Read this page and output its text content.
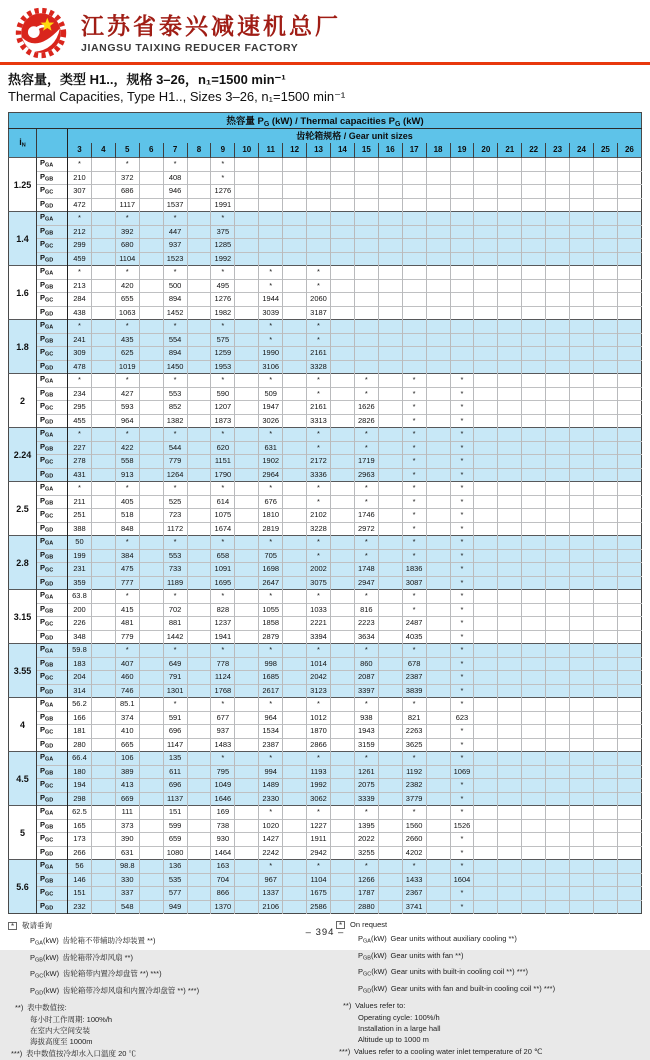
江苏省泰兴减速机总厂
JIANGSU TAIXING REDUCER FACTORY
热容量，类型 H1..，规格 3–26，n₁=1500 min⁻¹
Thermal Capacities, Type H1.., Sizes 3–26, n₁=1500 min⁻¹
热容量 $P_G$ (kW) / Thermal capacities $P_G$ (kW)																									
iN		齿轮箱规格 / Gear unit sizes																							
		3	4	5	6	7	8	9	10	11	12	13	14	15	16	17	18	19	20	21	22	23	24	25	26
1.25	$P_{GA}$	*		*		*		*																	
	$P_{GB}$	210		372		408		*																	
	$P_{GC}$	307		686		946		1276																	
	$P_{GD}$	472		1117		1537		1991																	
1.4	$P_{GA}$	*		*		*		*																	
	$P_{GB}$	212		392		447		375																	
	$P_{GC}$	299		680		937		1285																	
	$P_{GD}$	459		1104		1523		1992																	
1.6	$P_{GA}$	*		*		*		*		*		*													
	$P_{GB}$	213		420		500		495		*		*													
	$P_{GC}$	284		655		894		1276		1944		2060													
	$P_{GD}$	438		1063		1452		1982		3039		3187													
1.8	$P_{GA}$	*		*		*		*		*		*													
	$P_{GB}$	241		435		554		575		*		*													
	$P_{GC}$	309		625		894		1259		1990		2161													
	$P_{GD}$	478		1019		1450		1953		3106		3328													
2	$P_{GA}$	*		*		*		*		*		*		*		*		*							
	$P_{GB}$	234		427		553		590		509		*		*		*		*							
	$P_{GC}$	295		593		852		1207		1947		2161		1626		*		*							
	$P_{GD}$	455		964		1382		1873		3026		3313		2826		*		*							
2.24	$P_{GA}$	*		*		*		*		*		*		*		*		*							
	$P_{GB}$	227		422		544		620		631		*		*		*		*							
	$P_{GC}$	278		558		779		1151		1902		2172		1719		*		*							
	$P_{GD}$	431		913		1264		1790		2964		3336		2963		*		*							
2.5	$P_{GA}$	*		*		*		*		*		*		*		*		*							
	$P_{GB}$	211		405		525		614		676		*		*		*		*							
	$P_{GC}$	251		518		723		1075		1810		2102		1746		*		*							
	$P_{GD}$	388		848		1172		1674		2819		3228		2972		*		*							
2.8	$P_{GA}$	50		*		*		*		*		*		*		*		*							
	$P_{GB}$	199		384		553		658		705		*		*		*		*							
	$P_{GC}$	231		475		733		1091		1698		2002		1748		1836		*							
	$P_{GD}$	359		777		1189		1695		2647		3075		2947		3087		*							
3.15	$P_{GA}$	63.8		*		*		*		*		*		*		*		*							
	$P_{GB}$	200		415		702		828		1055		1033		816		*		*							
	$P_{GC}$	226		481		881		1237		1858		2221		2223		2487		*							
	$P_{GD}$	348		779		1442		1941		2879		3394		3634		4035		*							
3.55	$P_{GA}$	59.8		*		*		*		*		*		*		*		*							
	$P_{GB}$	183		407		649		778		998		1014		860		678		*							
	$P_{GC}$	204		460		791		1124		1685		2042		2087		2387		*							
	$P_{GD}$	314		746		1301		1768		2617		3123		3397		3839		*							
4	$P_{GA}$	56.2		85.1		*		*		*		*		*		*		*							
	$P_{GB}$	166		374		591		677		964		1012		938		821		623							
	$P_{GC}$	181		410		696		937		1534		1870		1943		2263		*							
	$P_{GD}$	280		665		1147		1483		2387		2866		3159		3625		*							
4.5	$P_{GA}$	66.4		106		135		*		*		*		*		*		*							
	$P_{GB}$	180		389		611		795		994		1193		1261		1192		1069							
	$P_{GC}$	194		413		696		1049		1489		1992		2075		2382		*							
	$P_{GD}$	298		669		1137		1646		2330		3062		3339		3779		*							
5	$P_{GA}$	62.5		111		151		169		*		*		*		*		*							
	$P_{GB}$	165		373		599		738		1020		1227		1395		1560		1526							
	$P_{GC}$	173		390		659		930		1427		1911		2022		2660		*							
	$P_{GD}$	266		631		1080		1464		2242		2942		3255		4202		*							
5.6	$P_{GA}$	56		98.8		136		163		*		*		*		*		*							
	$P_{GB}$	146		330		535		704		967		1104		1266		1433		1604							
	$P_{GC}$	151		337		577		866		1337		1675		1787		2367		*							
	$P_{GD}$	232		548		949		1370		2106		2586		2880		3741		*							
*	敬请垂询
$P_{GA}(kW)$ 齿轮箱不带辅助冷却装置 **)
$P_{GB}(kW)$ 齿轮箱带冷却风扇 **)
$P_{GC}(kW)$ 齿轮箱带内置冷却盘管 **) ***)
$P_{GD}(kW)$ 齿轮箱带冷却风扇和内置冷却盘管 **) ***)
**) 表中数值按:
每小时工作周期: 100%/h
在室内大空间安装
海拔高度至 1000m
***) 表中数值按冷却水入口温度 20 ℃
*	On request
$P_{GA}(kW)$ Gear units without auxiliary cooling **)
$P_{GB}(kW)$ Gear units with fan **)
$P_{GC}(kW)$ Gear units with built-in cooling coil **) ***)
$P_{GD}(kW)$ Gear units with fan and built-in cooling coil **) ***)
**) Values refer to:
Operating cycle: 100%/h
Installation in a large hall
Altitude up to 1000 m
***) Values refer to a cooling water inlet temperature of 20 ℃
– 394 –
